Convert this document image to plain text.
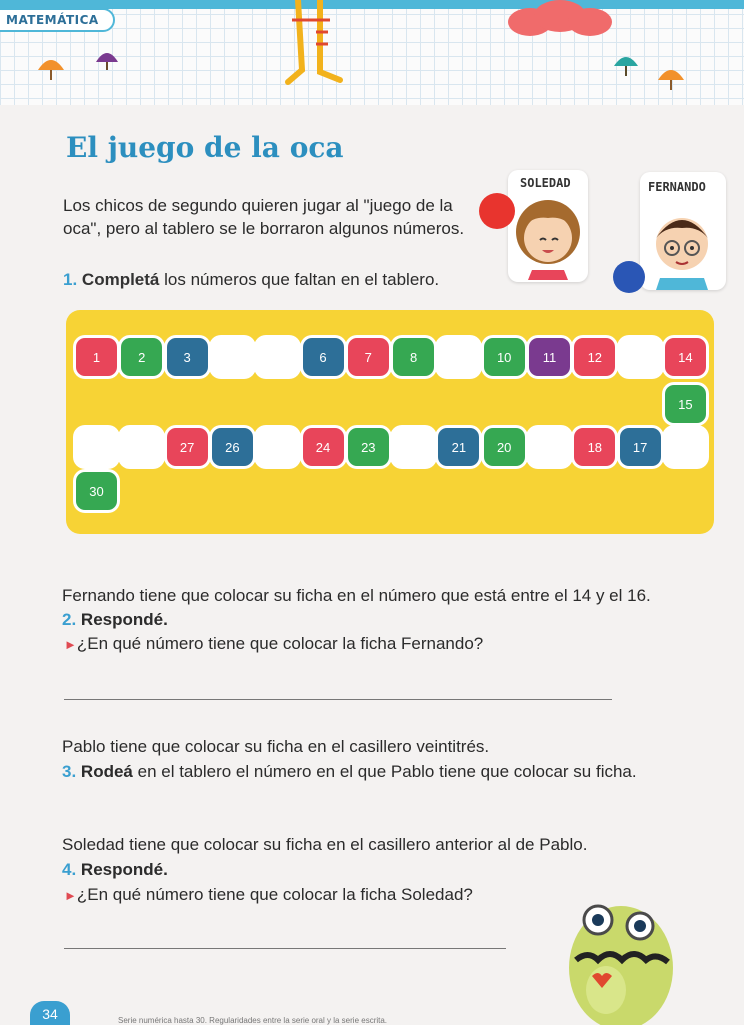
MATEMÁTICA
El juego de la oca
Los chicos de segundo quieren jugar al "juego de la oca", pero al tablero se le borraron algunos números.
1. Completá los números que faltan en el tablero.
SOLEDAD	FERNANDO
1	2	3	6	7	8	10	11	12	14
15
17
18
20
21
23
24
26
27
30
Fernando tiene que colocar su ficha en el número que está entre el 14 y el 16.
2. Respondé.
►¿En qué número tiene que colocar la ficha Fernando?
Pablo tiene que colocar su ficha en el casillero veintitrés.
3. Rodeá en el tablero el número en el que Pablo tiene que colocar su ficha.
Soledad tiene que colocar su ficha en el casillero anterior al de Pablo.
4. Respondé.
►¿En qué número tiene que colocar la ficha Soledad?
34	Serie numérica hasta 30. Regularidades entre la serie oral y la serie escrita.
